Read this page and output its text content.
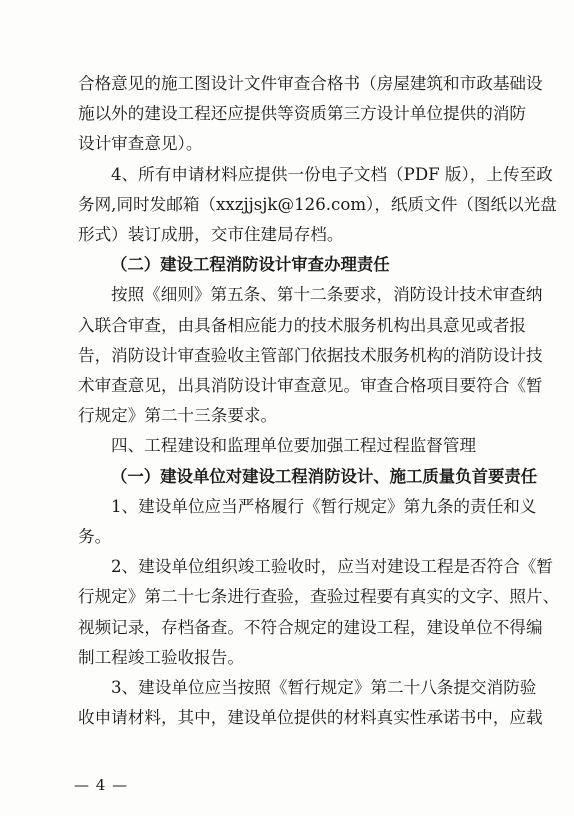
合格意见的施工图设计文件审查合格书（房屋建筑和市政基础设
施以外的建设工程还应提供等资质第三方设计单位提供的消防
设计审查意见）。
4、所有申请材料应提供一份电子文档（PDF 版），上传至政
务网,同时发邮箱（xxzjjsjk@126.com），纸质文件（图纸以光盘
形式）装订成册，交市住建局存档。
（二）建设工程消防设计审查办理责任
按照《细则》第五条、第十二条要求，消防设计技术审查纳
入联合审查，由具备相应能力的技术服务机构出具意见或者报
告，消防设计审查验收主管部门依据技术服务机构的消防设计技
术审查意见，出具消防设计审查意见。审查合格项目要符合《暂
行规定》第二十三条要求。
四、工程建设和监理单位要加强工程过程监督管理
（一）建设单位对建设工程消防设计、施工质量负首要责任
1、建设单位应当严格履行《暂行规定》第九条的责任和义
务。
2、建设单位组织竣工验收时，应当对建设工程是否符合《暂
行规定》第二十七条进行查验，查验过程要有真实的文字、照片、
视频记录，存档备查。不符合规定的建设工程，建设单位不得编
制工程竣工验收报告。
3、建设单位应当按照《暂行规定》第二十八条提交消防验
收申请材料，其中，建设单位提供的材料真实性承诺书中，应载
— 4 —
